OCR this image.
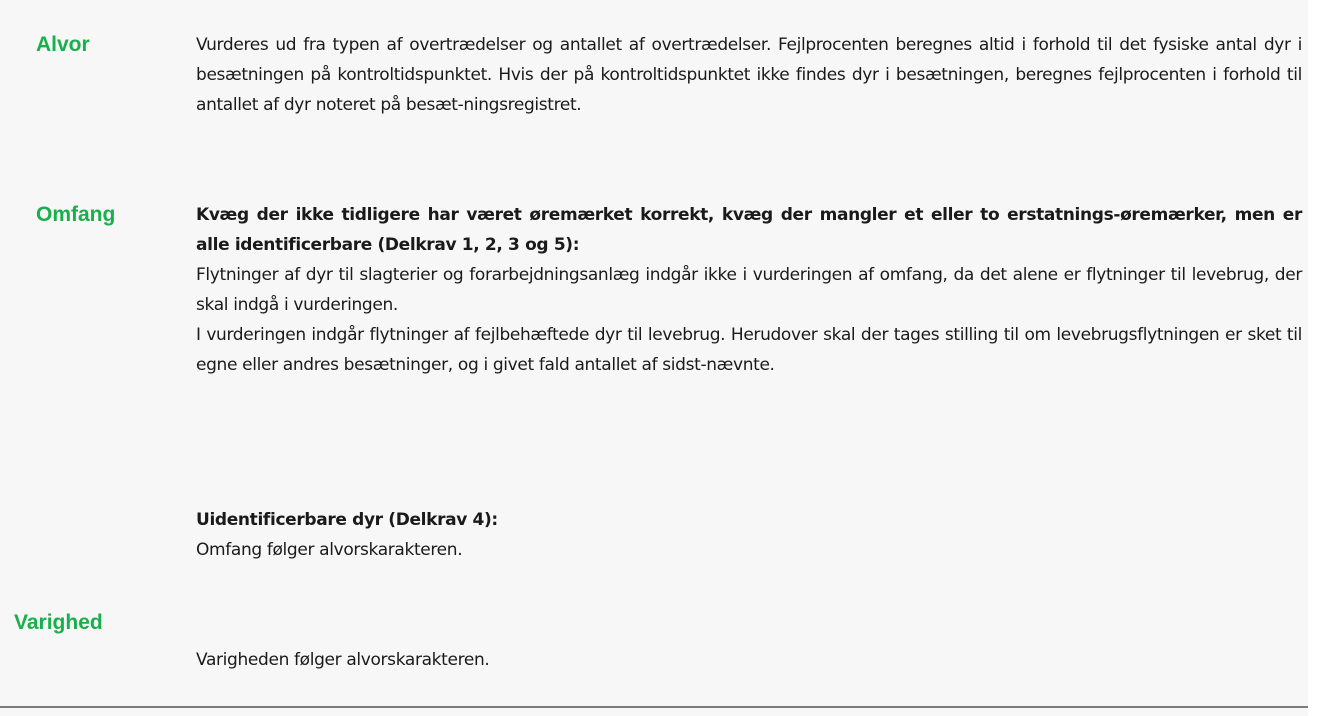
Alvor	Vurderes ud fra typen af overtrædelser og antallet af overtrædelser. Fejlprocenten beregnes altid i forhold til det fysiske antal dyr i besætningen på kontroltidspunktet. Hvis der på kontroltidspunktet ikke findes dyr i besætningen, beregnes fejlprocenten i forhold til antallet af dyr noteret på besæt-ningsregistret.

Omfang	Kvæg der ikke tidligere har været øremærket korrekt, kvæg der mangler et eller to erstatnings-øremærker, men er alle identificerbare (Delkrav 1, 2, 3 og 5):

Flytninger af dyr til slagterier og forarbejdningsanlæg indgår ikke i vurderingen af omfang, da det alene er flytninger til levebrug, der skal indgå i vurderingen.

I vurderingen indgår flytninger af fejlbehæftede dyr til levebrug. Herudover skal der tages stilling til om levebrugsflytningen er sket til egne eller andres besætninger, og i givet fald antallet af sidst-nævnte.

Uidentificerbare dyr (Delkrav 4):

Omfang følger alvorskarakteren.

Varighed

Varigheden følger alvorskarakteren.
